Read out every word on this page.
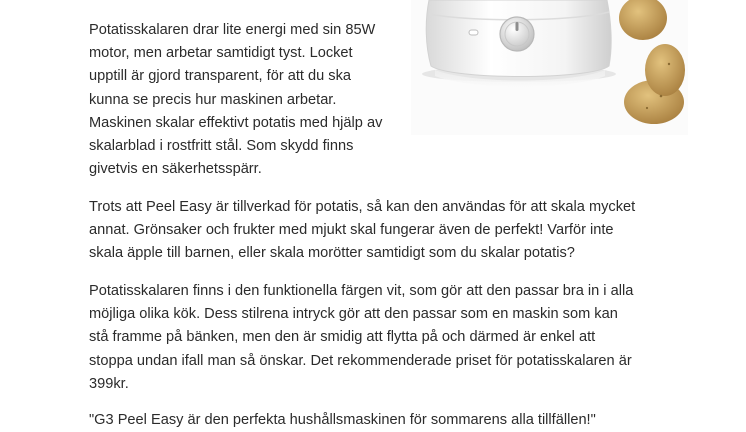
Potatisskalaren drar lite energi med sin 85W
motor, men arbetar samtidigt tyst. Locket
upptill är gjord transparent, för att du ska
kunna se precis hur maskinen arbetar.
Maskinen skalar effektivt potatis med hjälp av
skalarblad i rostfritt stål. Som skydd finns
givetvis en säkerhetsspärr.
Trots att Peel Easy är tillverkad för potatis, så kan den användas för att skala mycket
annat. Grönsaker och frukter med mjukt skal fungerar även de perfekt! Varför inte
skala äpple till barnen, eller skala morötter samtidigt som du skalar potatis?
Potatisskalaren finns i den funktionella färgen vit, som gör att den passar bra in i alla
möjliga olika kök. Dess stilrena intryck gör att den passar som en maskin som kan
stå framme på bänken, men den är smidig att flytta på och därmed är enkel att
stoppa undan ifall man så önskar. Det rekommenderade priset för potatisskalaren är
399kr.
"G3 Peel Easy är den perfekta hushållsmaskinen för sommarens alla tillfällen!"
